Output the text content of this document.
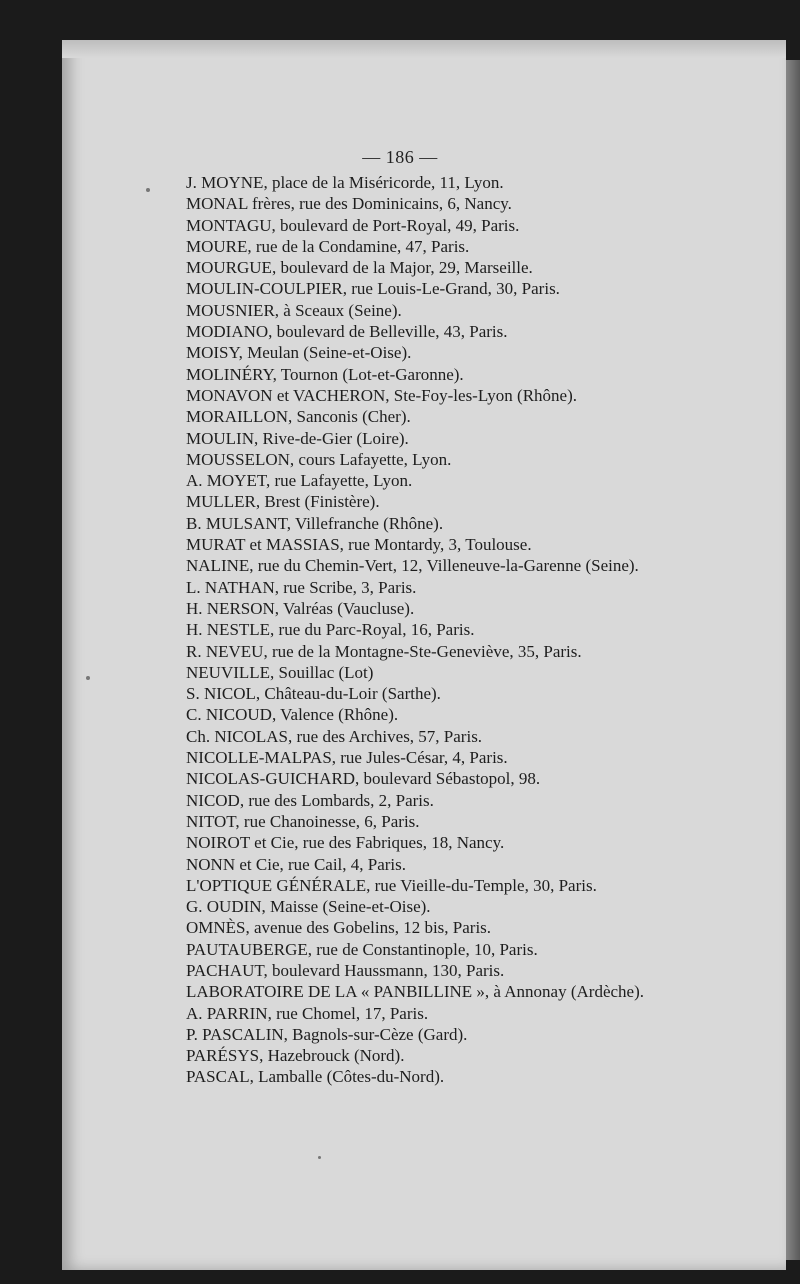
— 186 —
J. MOYNE, place de la Miséricorde, 11, Lyon.
MONAL frères, rue des Dominicains, 6, Nancy.
MONTAGU, boulevard de Port-Royal, 49, Paris.
MOURE, rue de la Condamine, 47, Paris.
MOURGUE, boulevard de la Major, 29, Marseille.
MOULIN-COULPIER, rue Louis-Le-Grand, 30, Paris.
MOUSNIER, à Sceaux (Seine).
MODIANO, boulevard de Belleville, 43, Paris.
MOISY, Meulan (Seine-et-Oise).
MOLINÉRY, Tournon (Lot-et-Garonne).
MONAVON et VACHERON, Ste-Foy-les-Lyon (Rhône).
MORAILLON, Sanconis (Cher).
MOULIN, Rive-de-Gier (Loire).
MOUSSELON, cours Lafayette, Lyon.
A. MOYET, rue Lafayette, Lyon.
MULLER, Brest (Finistère).
B. MULSANT, Villefranche (Rhône).
MURAT et MASSIAS, rue Montardy, 3, Toulouse.
NALINE, rue du Chemin-Vert, 12, Villeneuve-la-Garenne (Seine).
L. NATHAN, rue Scribe, 3, Paris.
H. NERSON, Valréas (Vaucluse).
H. NESTLE, rue du Parc-Royal, 16, Paris.
R. NEVEU, rue de la Montagne-Ste-Geneviève, 35, Paris.
NEUVILLE, Souillac (Lot)
S. NICOL, Château-du-Loir (Sarthe).
C. NICOUD, Valence (Rhône).
Ch. NICOLAS, rue des Archives, 57, Paris.
NICOLLE-MALPAS, rue Jules-César, 4, Paris.
NICOLAS-GUICHARD, boulevard Sébastopol, 98.
NICOD, rue des Lombards, 2, Paris.
NITOT, rue Chanoinesse, 6, Paris.
NOIROT et Cie, rue des Fabriques, 18, Nancy.
NONN et Cie, rue Cail, 4, Paris.
L'OPTIQUE GÉNÉRALE, rue Vieille-du-Temple, 30, Paris.
G. OUDIN, Maisse (Seine-et-Oise).
OMNÈS, avenue des Gobelins, 12 bis, Paris.
PAUTAUBERGE, rue de Constantinople, 10, Paris.
PACHAUT, boulevard Haussmann, 130, Paris.
LABORATOIRE DE LA « PANBILLINE », à Annonay (Ardèche).
A. PARRIN, rue Chomel, 17, Paris.
P. PASCALIN, Bagnols-sur-Cèze (Gard).
PARÉSYS, Hazebrouck (Nord).
PASCAL, Lamballe (Côtes-du-Nord).
